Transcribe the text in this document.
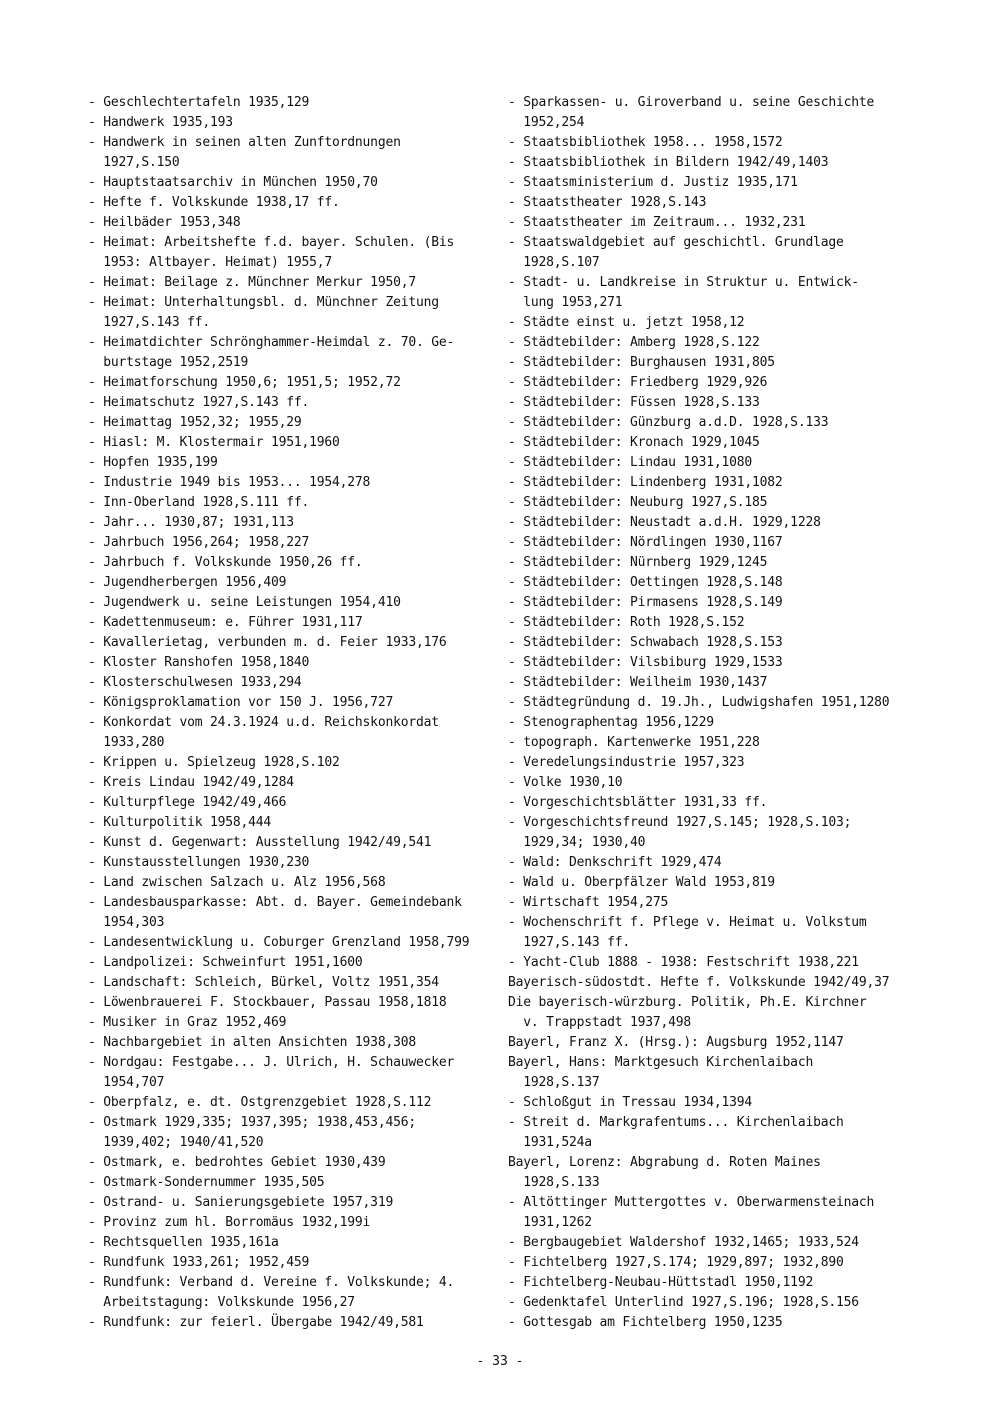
- Geschlechtertafeln 1935,129
- Handwerk 1935,193
- Handwerk in seinen alten Zunftordnungen
1927,S.150
- Hauptstaatsarchiv in München 1950,70
- Hefte f. Volkskunde 1938,17 ff.
- Heilbäder 1953,348
- Heimat: Arbeitshefte f.d. bayer. Schulen. (Bis
1953: Altbayer. Heimat) 1955,7
- Heimat: Beilage z. Münchner Merkur 1950,7
- Heimat: Unterhaltungsbl. d. Münchner Zeitung
1927,S.143 ff.
- Heimatdichter Schrönghammer-Heimdal z. 70. Ge-
burtstage 1952,2519
- Heimatforschung 1950,6; 1951,5; 1952,72
- Heimatschutz 1927,S.143 ff.
- Heimattag 1952,32; 1955,29
- Hiasl: M. Klostermair 1951,1960
- Hopfen 1935,199
- Industrie 1949 bis 1953... 1954,278
- Inn-Oberland 1928,S.111 ff.
- Jahr... 1930,87; 1931,113
- Jahrbuch 1956,264; 1958,227
- Jahrbuch f. Volkskunde 1950,26 ff.
- Jugendherbergen 1956,409
- Jugendwerk u. seine Leistungen 1954,410
- Kadettenmuseum: e. Führer 1931,117
- Kavallerietag, verbunden m. d. Feier 1933,176
- Kloster Ranshofen 1958,1840
- Klosterschulwesen 1933,294
- Königsproklamation vor 150 J. 1956,727
- Konkordat vom 24.3.1924 u.d. Reichskonkordat
1933,280
- Krippen u. Spielzeug 1928,S.102
- Kreis Lindau 1942/49,1284
- Kulturpflege 1942/49,466
- Kulturpolitik 1958,444
- Kunst d. Gegenwart: Ausstellung 1942/49,541
- Kunstausstellungen 1930,230
- Land zwischen Salzach u. Alz 1956,568
- Landesbausparkasse: Abt. d. Bayer. Gemeindebank
1954,303
- Landesentwicklung u. Coburger Grenzland 1958,799
- Landpolizei: Schweinfurt 1951,1600
- Landschaft: Schleich, Bürkel, Voltz 1951,354
- Löwenbrauerei F. Stockbauer, Passau 1958,1818
- Musiker in Graz 1952,469
- Nachbargebiet in alten Ansichten 1938,308
- Nordgau: Festgabe... J. Ulrich, H. Schauwecker
1954,707
- Oberpfalz, e. dt. Ostgrenzgebiet 1928,S.112
- Ostmark 1929,335; 1937,395; 1938,453,456;
1939,402; 1940/41,520
- Ostmark, e. bedrohtes Gebiet 1930,439
- Ostmark-Sondernummer 1935,505
- Ostrand- u. Sanierungsgebiete 1957,319
- Provinz zum hl. Borromäus 1932,199i
- Rechtsquellen 1935,161a
- Rundfunk 1933,261; 1952,459
- Rundfunk: Verband d. Vereine f. Volkskunde; 4.
Arbeitstagung: Volkskunde 1956,27
- Rundfunk: zur feierl. Übergabe 1942/49,581
- Sparkassen- u. Giroverband u. seine Geschichte
1952,254
- Staatsbibliothek 1958... 1958,1572
- Staatsbibliothek in Bildern 1942/49,1403
- Staatsministerium d. Justiz 1935,171
- Staatstheater 1928,S.143
- Staatstheater im Zeitraum... 1932,231
- Staatswaldgebiet auf geschichtl. Grundlage
1928,S.107
- Stadt- u. Landkreise in Struktur u. Entwick-
lung 1953,271
- Städte einst u. jetzt 1958,12
- Städtebilder: Amberg 1928,S.122
- Städtebilder: Burghausen 1931,805
- Städtebilder: Friedberg 1929,926
- Städtebilder: Füssen 1928,S.133
- Städtebilder: Günzburg a.d.D. 1928,S.133
- Städtebilder: Kronach 1929,1045
- Städtebilder: Lindau 1931,1080
- Städtebilder: Lindenberg 1931,1082
- Städtebilder: Neuburg 1927,S.185
- Städtebilder: Neustadt a.d.H. 1929,1228
- Städtebilder: Nördlingen 1930,1167
- Städtebilder: Nürnberg 1929,1245
- Städtebilder: Oettingen 1928,S.148
- Städtebilder: Pirmasens 1928,S.149
- Städtebilder: Roth 1928,S.152
- Städtebilder: Schwabach 1928,S.153
- Städtebilder: Vilsbiburg 1929,1533
- Städtebilder: Weilheim 1930,1437
- Städtegründung d. 19.Jh., Ludwigshafen 1951,1280
- Stenographentag 1956,1229
- topograph. Kartenwerke 1951,228
- Veredelungsindustrie 1957,323
- Volke 1930,10
- Vorgeschichtsblätter 1931,33 ff.
- Vorgeschichtsfreund 1927,S.145; 1928,S.103;
1929,34; 1930,40
- Wald: Denkschrift 1929,474
- Wald u. Oberpfälzer Wald 1953,819
- Wirtschaft 1954,275
- Wochenschrift f. Pflege v. Heimat u. Volkstum
1927,S.143 ff.
- Yacht-Club 1888 - 1938: Festschrift 1938,221
Bayerisch-südostdt. Hefte f. Volkskunde 1942/49,37
Die bayerisch-würzburg. Politik, Ph.E. Kirchner
v. Trappstadt 1937,498
Bayerl, Franz X. (Hrsg.): Augsburg 1952,1147
Bayerl, Hans: Marktgesuch Kirchenlaibach
1928,S.137
- Schloßgut in Tressau 1934,1394
- Streit d. Markgrafentums... Kirchenlaibach
1931,524a
Bayerl, Lorenz: Abgrabung d. Roten Maines
1928,S.133
- Altöttinger Muttergottes v. Oberwarmensteinach
1931,1262
- Bergbaugebiet Waldershof 1932,1465; 1933,524
- Fichtelberg 1927,S.174; 1929,897; 1932,890
- Fichtelberg-Neubau-Hüttstadl 1950,1192
- Gedenktafel Unterlind 1927,S.196; 1928,S.156
- Gottesgab am Fichtelberg 1950,1235
- 33 -
